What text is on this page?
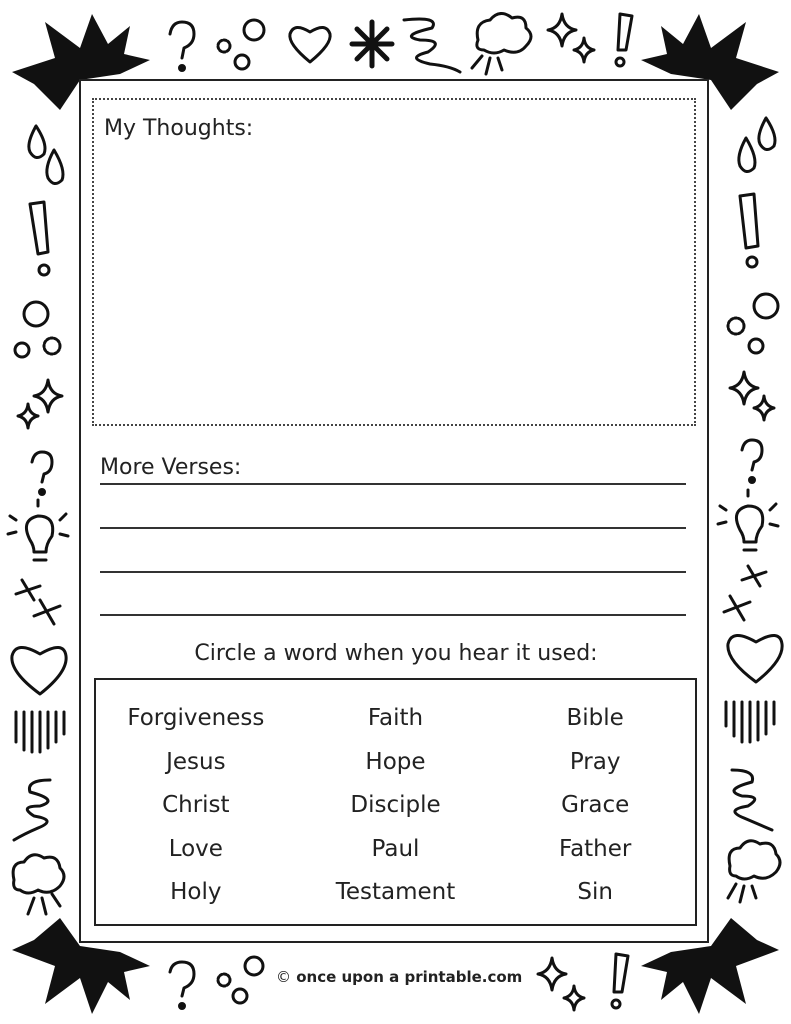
My Thoughts:
More Verses:
Circle a word when you hear it used:
Forgiveness	Faith	Bible
Jesus	Hope	Pray
Christ	Disciple	Grace
Love	Paul	Father
Holy	Testament	Sin
© once upon a printable.com
